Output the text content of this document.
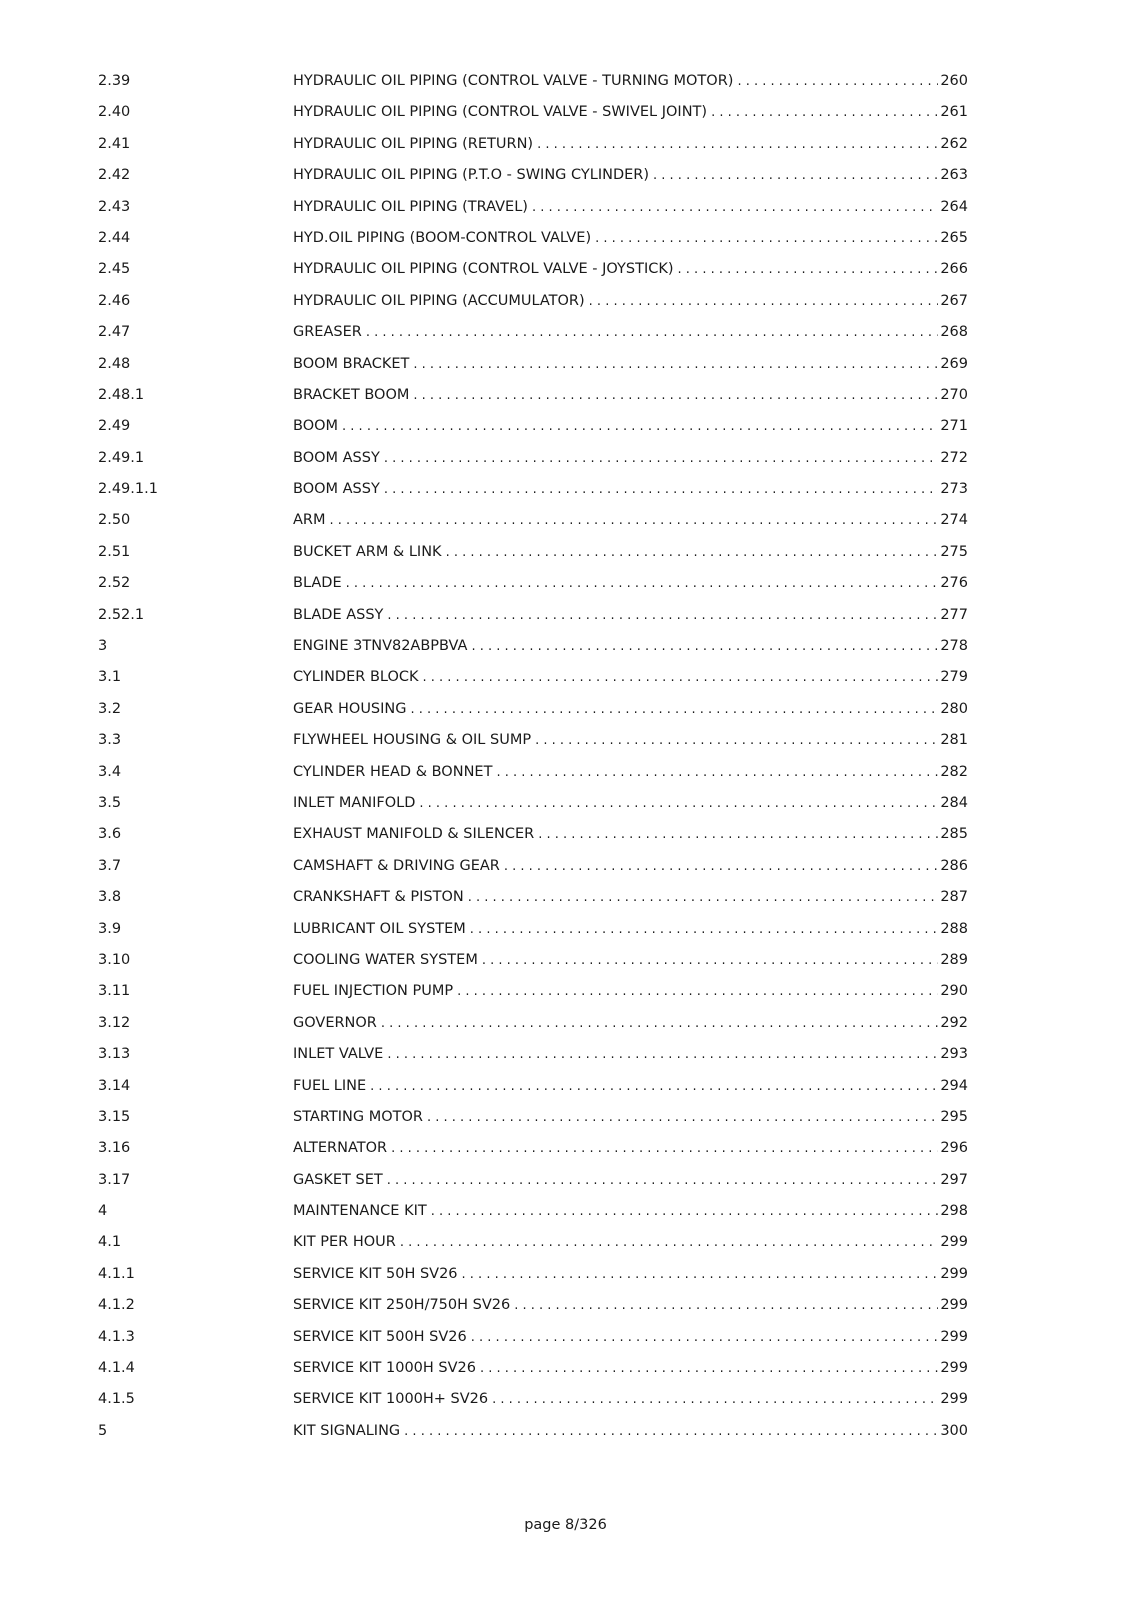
2.39	HYDRAULIC OIL PIPING (CONTROL VALVE - TURNING MOTOR) . . .	260
2.40	HYDRAULIC OIL PIPING (CONTROL VALVE - SWIVEL JOINT) . . .	261
2.41	HYDRAULIC OIL PIPING (RETURN) . . .	262
2.42	HYDRAULIC OIL PIPING (P.T.O - SWING CYLINDER) . . .	263
2.43	HYDRAULIC OIL PIPING (TRAVEL) . . .	264
2.44	HYD.OIL PIPING (BOOM-CONTROL VALVE) . . .	265
2.45	HYDRAULIC OIL PIPING (CONTROL VALVE - JOYSTICK) . . .	266
2.46	HYDRAULIC OIL PIPING (ACCUMULATOR) . . .	267
2.47	GREASER . . .	268
2.48	BOOM BRACKET . . .	269
2.48.1	BRACKET BOOM . . .	270
2.49	BOOM . . .	271
2.49.1	BOOM ASSY . . .	272
2.49.1.1	BOOM ASSY . . .	273
2.50	ARM . . .	274
2.51	BUCKET ARM & LINK . . .	275
2.52	BLADE . . .	276
2.52.1	BLADE ASSY . . .	277
3	ENGINE 3TNV82ABPBVA . . .	278
3.1	CYLINDER BLOCK . . .	279
3.2	GEAR HOUSING . . .	280
3.3	FLYWHEEL HOUSING & OIL SUMP . . .	281
3.4	CYLINDER HEAD & BONNET . . .	282
3.5	INLET MANIFOLD . . .	284
3.6	EXHAUST MANIFOLD & SILENCER . . .	285
3.7	CAMSHAFT & DRIVING GEAR . . .	286
3.8	CRANKSHAFT & PISTON . . .	287
3.9	LUBRICANT OIL SYSTEM . . .	288
3.10	COOLING WATER SYSTEM . . .	289
3.11	FUEL INJECTION PUMP . . .	290
3.12	GOVERNOR . . .	292
3.13	INLET VALVE . . .	293
3.14	FUEL LINE . . .	294
3.15	STARTING MOTOR . . .	295
3.16	ALTERNATOR . . .	296
3.17	GASKET SET . . .	297
4	MAINTENANCE KIT . . .	298
4.1	KIT PER HOUR . . .	299
4.1.1	SERVICE KIT 50H SV26 . . .	299
4.1.2	SERVICE KIT 250H/750H SV26 . . .	299
4.1.3	SERVICE KIT 500H SV26 . . .	299
4.1.4	SERVICE KIT 1000H SV26 . . .	299
4.1.5	SERVICE KIT 1000H+ SV26 . . .	299
5	KIT SIGNALING . . .	300
page 8/326
